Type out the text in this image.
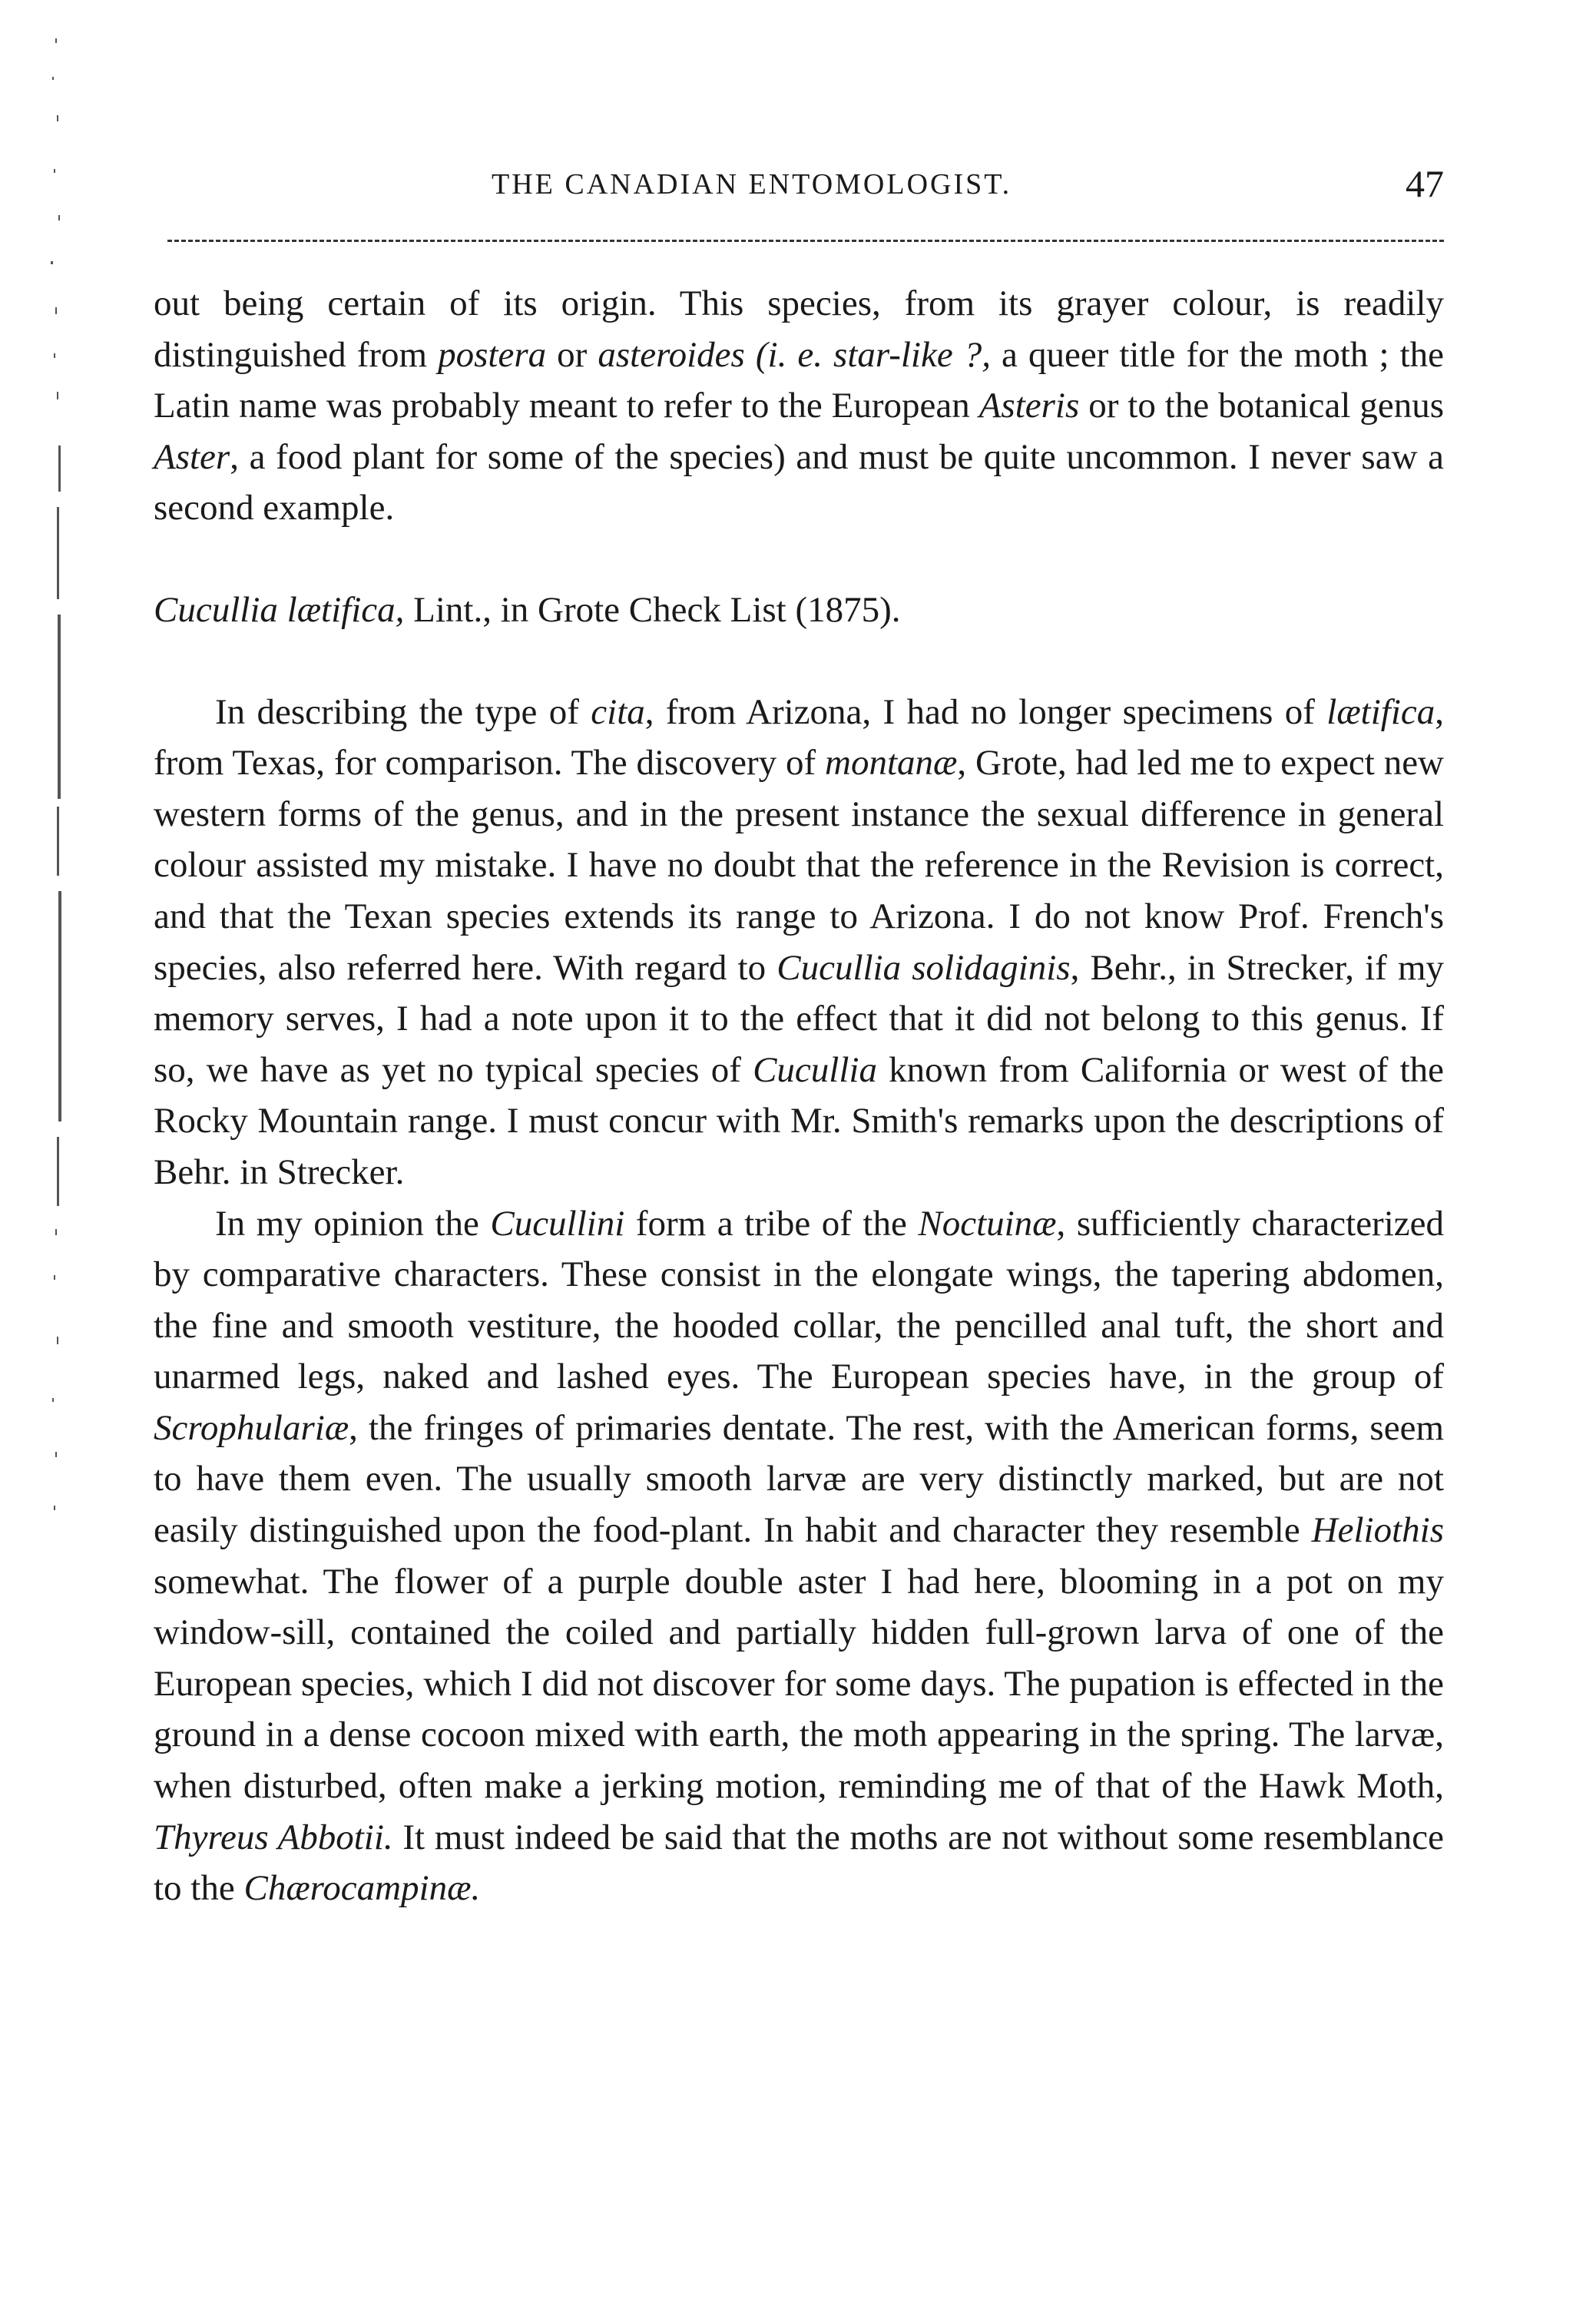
THE CANADIAN ENTOMOLOGIST.	47

out being certain of its origin. This species, from its grayer colour, is readily distinguished from postera or asteroides (i. e. star-like ?, a queer title for the moth ; the Latin name was probably meant to refer to the European Asteris or to the botanical genus Aster, a food plant for some of the species) and must be quite uncommon. I never saw a second example.

Cucullia lætifica, Lint., in Grote Check List (1875).

In describing the type of cita, from Arizona, I had no longer specimens of lætifica, from Texas, for comparison. The discovery of montanæ, Grote, had led me to expect new western forms of the genus, and in the present instance the sexual difference in general colour assisted my mistake. I have no doubt that the reference in the Revision is correct, and that the Texan species extends its range to Arizona. I do not know Prof. French's species, also referred here. With regard to Cucullia solidaginis, Behr., in Strecker, if my memory serves, I had a note upon it to the effect that it did not belong to this genus. If so, we have as yet no typical species of Cucullia known from California or west of the Rocky Mountain range. I must concur with Mr. Smith's remarks upon the descriptions of Behr. in Strecker.

In my opinion the Cucullini form a tribe of the Noctuinæ, sufficiently characterized by comparative characters. These consist in the elongate wings, the tapering abdomen, the fine and smooth vestiture, the hooded collar, the pencilled anal tuft, the short and unarmed legs, naked and lashed eyes. The European species have, in the group of Scrophulariæ, the fringes of primaries dentate. The rest, with the American forms, seem to have them even. The usually smooth larvæ are very distinctly marked, but are not easily distinguished upon the food-plant. In habit and character they resemble Heliothis somewhat. The flower of a purple double aster I had here, blooming in a pot on my window-sill, contained the coiled and partially hidden full-grown larva of one of the European species, which I did not discover for some days. The pupation is effected in the ground in a dense cocoon mixed with earth, the moth appearing in the spring. The larvæ, when disturbed, often make a jerking motion, reminding me of that of the Hawk Moth, Thyreus Abbotii. It must indeed be said that the moths are not without some resemblance to the Chærocampinæ.
